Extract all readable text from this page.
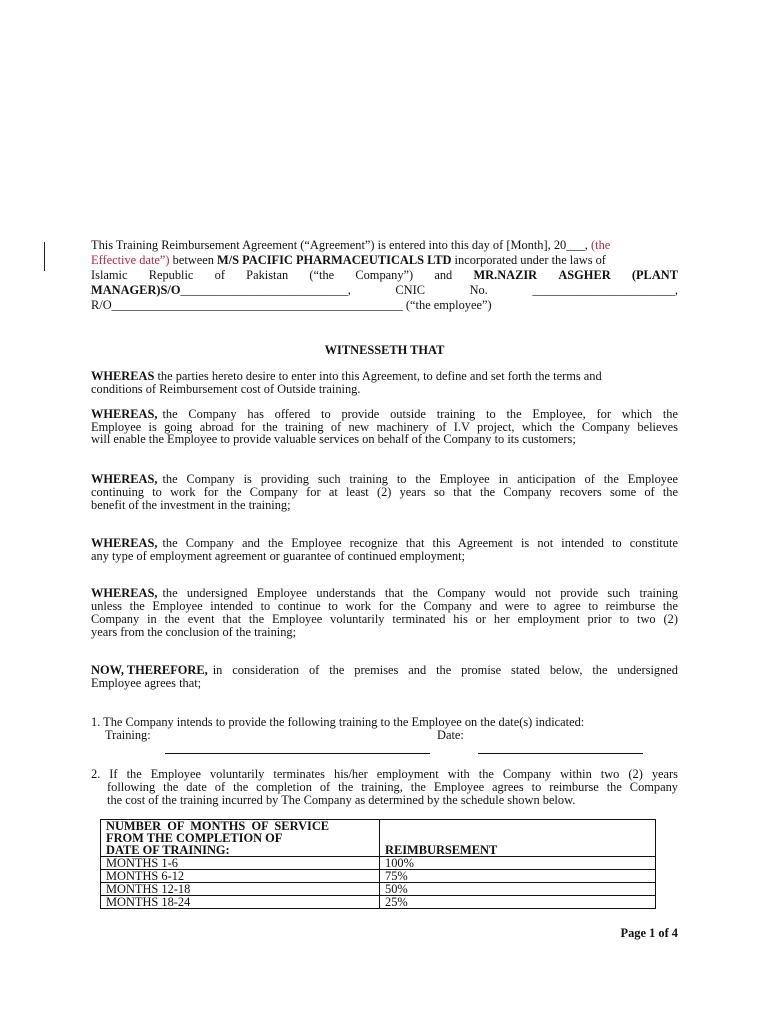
This Training Reimbursement Agreement (“Agreement”) is entered into this day of [Month], 20___, (the
Effective date”) between M/S PACIFIC PHARMACEUTICALS LTD incorporated under the laws of
Islamic Republic of Pakistan (“the Company”) and MR.NAZIR ASGHER (PLANT
MANAGER)S/O___________________________,	CNIC	No.	_______________________,
R/O_______________________________________________ (“the employee”)
WITNESSETH THAT
WHEREAS the parties hereto desire to enter into this Agreement, to define and set forth the terms and
conditions of Reimbursement cost of Outside training.
WHEREAS, the Company has offered to provide outside training to the Employee, for which the
Employee is going abroad for the training of new machinery of I.V project, which the Company believes
will enable the Employee to provide valuable services on behalf of the Company to its customers;
WHEREAS, the Company is providing such training to the Employee in anticipation of the Employee
continuing to work for the Company for at least (2) years so that the Company recovers some of the
benefit of the investment in the training;
WHEREAS, the Company and the Employee recognize that this Agreement is not intended to constitute
any type of employment agreement or guarantee of continued employment;
WHEREAS, the undersigned Employee understands that the Company would not provide such training
unless the Employee intended to continue to work for the Company and were to agree to reimburse the
Company in the event that the Employee voluntarily terminated his or her employment prior to two (2)
years from the conclusion of the training;
NOW, THEREFORE, in consideration of the premises and the promise stated below, the undersigned
Employee agrees that;
1. The Company intends to provide the following training to the Employee on the date(s) indicated:
Training:	Date:
2. If the Employee voluntarily terminates his/her employment with the Company within two (2) years
following the date of the completion of the training, the Employee agrees to reimburse the Company
the cost of the training incurred by The Company as determined by the schedule shown below.
NUMBER  OF  MONTHS  OF  SERVICE
FROM THE COMPLETION OF
DATE OF TRAINING:	REIMBURSEMENT
MONTHS 1-6	100%
MONTHS 6-12	75%
MONTHS 12-18	50%
MONTHS 18-24	25%
Page 1 of 4
